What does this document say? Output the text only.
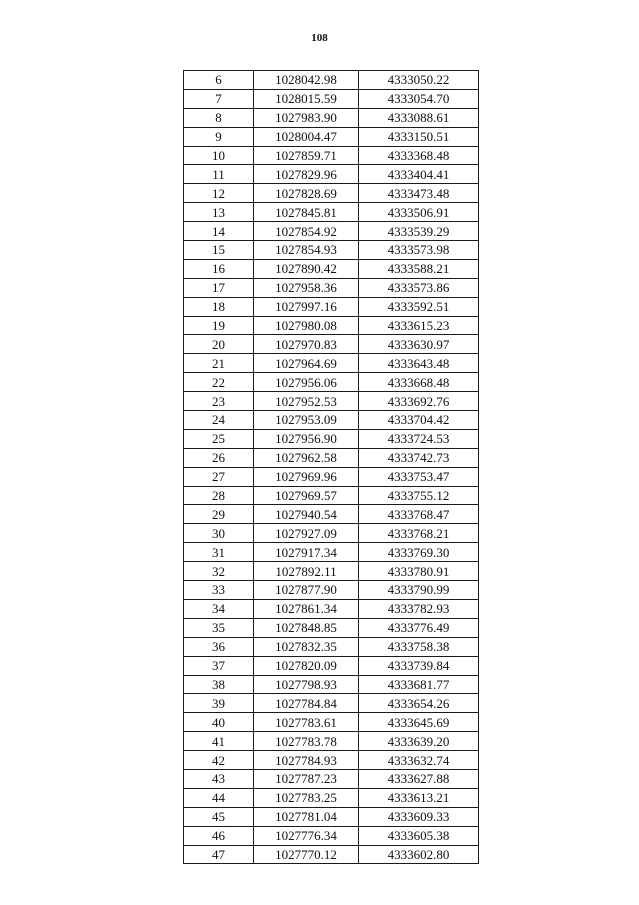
108
6	1028042.98	4333050.22
7	1028015.59	4333054.70
8	1027983.90	4333088.61
9	1028004.47	4333150.51
10	1027859.71	4333368.48
11	1027829.96	4333404.41
12	1027828.69	4333473.48
13	1027845.81	4333506.91
14	1027854.92	4333539.29
15	1027854.93	4333573.98
16	1027890.42	4333588.21
17	1027958.36	4333573.86
18	1027997.16	4333592.51
19	1027980.08	4333615.23
20	1027970.83	4333630.97
21	1027964.69	4333643.48
22	1027956.06	4333668.48
23	1027952.53	4333692.76
24	1027953.09	4333704.42
25	1027956.90	4333724.53
26	1027962.58	4333742.73
27	1027969.96	4333753.47
28	1027969.57	4333755.12
29	1027940.54	4333768.47
30	1027927.09	4333768.21
31	1027917.34	4333769.30
32	1027892.11	4333780.91
33	1027877.90	4333790.99
34	1027861.34	4333782.93
35	1027848.85	4333776.49
36	1027832.35	4333758.38
37	1027820.09	4333739.84
38	1027798.93	4333681.77
39	1027784.84	4333654.26
40	1027783.61	4333645.69
41	1027783.78	4333639.20
42	1027784.93	4333632.74
43	1027787.23	4333627.88
44	1027783.25	4333613.21
45	1027781.04	4333609.33
46	1027776.34	4333605.38
47	1027770.12	4333602.80
